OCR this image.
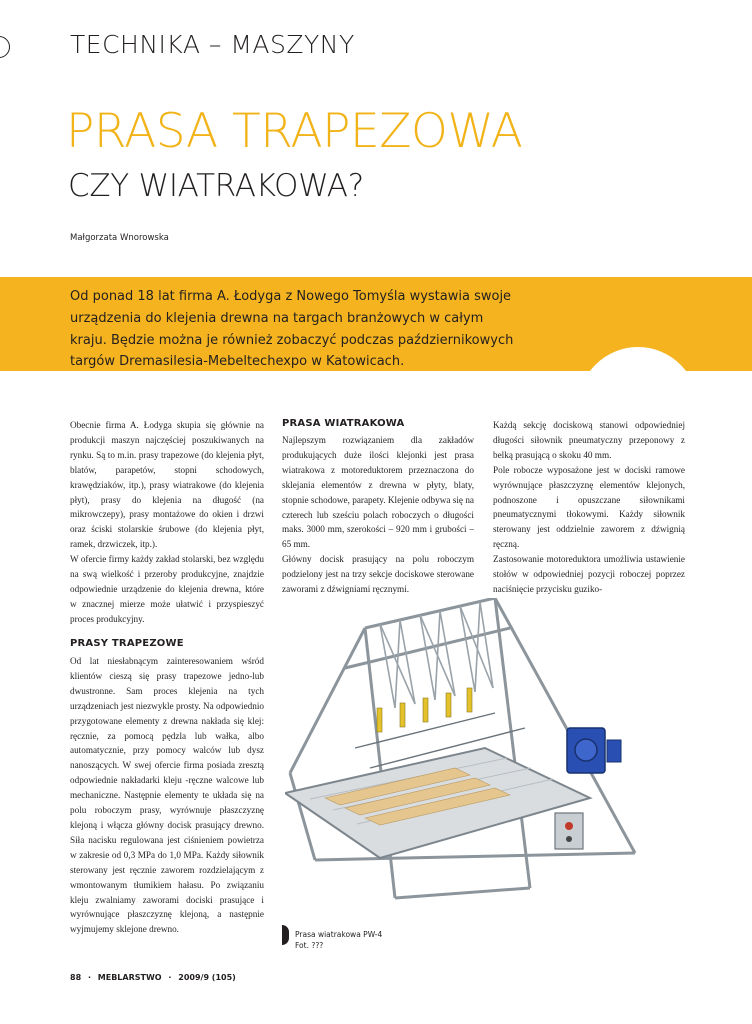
TECHNIKA – MASZYNY
PRASA TRAPEZOWA
CZY WIATRAKOWA?
Małgorzata Wnorowska
Od ponad 18 lat firma A. Łodyga z Nowego Tomyśla wystawia swoje urządzenia do klejenia drewna na targach branżowych w całym kraju. Będzie można je również zobaczyć podczas październikowych targów Dremasilesia-Mebeltechexpo w Katowicach.

Obecnie firma A. Łodyga skupia się głównie na produkcji maszyn najczęściej poszukiwanych na rynku. Są to m.in. prasy trapezowe (do klejenia płyt, blatów, parapetów, stopni schodowych, krawędziaków, itp.), prasy wiatrakowe (do klejenia płyt), prasy do klejenia na długość (na mikrowczepy), prasy montażowe do okien i drzwi oraz ściski stolarskie śrubowe (do klejenia płyt, ramek, drzwiczek, itp.).

W ofercie firmy każdy zakład stolarski, bez względu na swą wielkość i przeroby produkcyjne, znajdzie odpowiednie urządzenie do klejenia drewna, które w znacznej mierze może ułatwić i przyspieszyć proces produkcyjny.

PRASY TRAPEZOWE

Od lat niesłabnącym zainteresowaniem wśród klientów cieszą się prasy trapezowe jedno-lub dwustronne. Sam proces klejenia na tych urządzeniach jest niezwykle prosty. Na odpowiednio przygotowane elementy z drewna nakłada się klej: ręcznie, za pomocą pędzla lub wałka, albo automatycznie, przy pomocy walców lub dysz nanoszących. W swej ofercie firma posiada zresztą odpowiednie nakładarki kleju -ręczne walcowe lub mechaniczne. Następnie elementy te układa się na polu roboczym prasy, wyrównuje płaszczyznę klejoną i włącza główny docisk prasujący drewno. Siła nacisku regulowana jest ciśnieniem powietrza w zakresie od 0,3 MPa do 1,0 MPa. Każdy siłownik sterowany jest ręcznie zaworem rozdzielającym z wmontowanym tłumikiem hałasu. Po związaniu kleju zwalniamy zaworami dociski prasujące i wyrównujące płaszczyznę klejoną, a następnie wyjmujemy sklejone drewno.

PRASA WIATRAKOWA

Najlepszym rozwiązaniem dla zakładów produkujących duże ilości klejonki jest prasa wiatrakowa z motoreduktorem przeznaczona do sklejania elementów z drewna w płyty, blaty, stopnie schodowe, parapety. Klejenie odbywa się na czterech lub sześciu polach roboczych o długości maks. 3000 mm, szerokości – 920 mm i grubości – 65 mm.

Główny docisk prasujący na polu roboczym podzielony jest na trzy sekcje dociskowe sterowane zaworami z dźwigniami ręcznymi.

Każdą sekcję dociskową stanowi odpowiedniej długości siłownik pneumatyczny przeponowy z belką prasującą o skoku 40 mm.

Pole robocze wyposażone jest w dociski ramowe wyrównujące płaszczyznę elementów klejonych, podnoszone i opuszczane siłownikami pneumatycznymi tłokowymi. Każdy siłownik sterowany jest oddzielnie zaworem z dźwignią ręczną.

Zastosowanie motoreduktora umożliwia ustawienie stołów w odpowiedniej pozycji roboczej poprzez naciśnięcie przycisku guziko-

Prasa wiatrakowa PW-4
Fot. ???
88 · MEBLARSTWO · 2009/9 (105)
